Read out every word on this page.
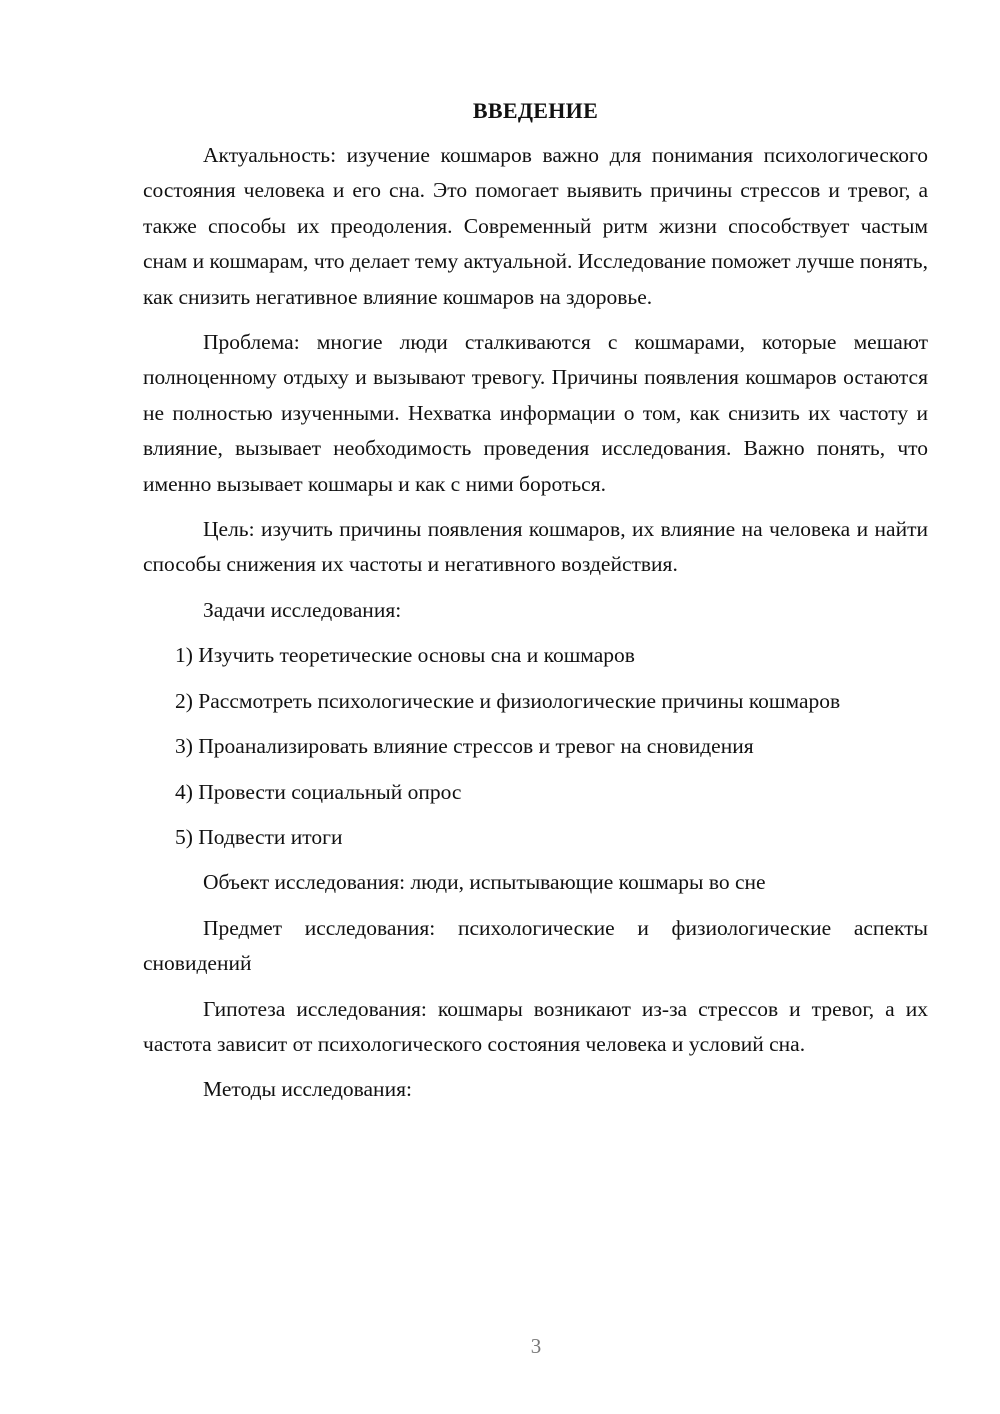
ВВЕДЕНИЕ

Актуальность: изучение кошмаров важно для понимания психологического состояния человека и его сна. Это помогает выявить причины стрессов и тревог, а также способы их преодоления. Современный ритм жизни способствует частым снам и кошмарам, что делает тему актуальной. Исследование поможет лучше понять, как снизить негативное влияние кошмаров на здоровье.

Проблема: многие люди сталкиваются с кошмарами, которые мешают полноценному отдыху и вызывают тревогу. Причины появления кошмаров остаются не полностью изученными. Нехватка информации о том, как снизить их частоту и влияние, вызывает необходимость проведения исследования. Важно понять, что именно вызывает кошмары и как с ними бороться.

Цель: изучить причины появления кошмаров, их влияние на человека и найти способы снижения их частоты и негативного воздействия.

Задачи исследования:

1) Изучить теоретические основы сна и кошмаров

2) Рассмотреть психологические и физиологические причины кошмаров

3) Проанализировать влияние стрессов и тревог на сновидения

4) Провести социальный опрос

5) Подвести итоги

Объект исследования: люди, испытывающие кошмары во сне

Предмет исследования: психологические и физиологические аспекты сновидений

Гипотеза исследования: кошмары возникают из-за стрессов и тревог, а их частота зависит от психологического состояния человека и условий сна.

Методы исследования:

3
